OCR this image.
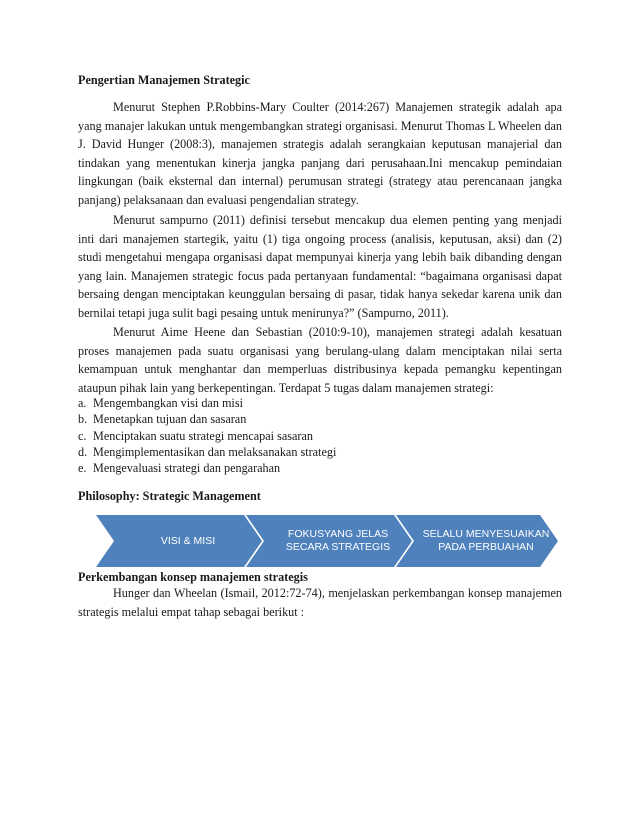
Pengertian Manajemen Strategic

Menurut Stephen P.Robbins-Mary Coulter (2014:267) Manajemen strategik adalah apa yang manajer lakukan untuk mengembangkan strategi organisasi. Menurut Thomas L Wheelen dan J. David Hunger (2008:3), manajemen strategis adalah serangkaian keputusan manajerial dan tindakan yang menentukan kinerja jangka panjang dari perusahaan.Ini mencakup pemindaian lingkungan (baik eksternal dan internal) perumusan strategi (strategy atau perencanaan jangka panjang) pelaksanaan dan evaluasi pengendalian strategy.

Menurut sampurno (2011) definisi tersebut mencakup dua elemen penting yang menjadi inti dari manajemen startegik, yaitu (1) tiga ongoing process (analisis, keputusan, aksi) dan (2) studi mengetahui mengapa organisasi dapat mempunyai kinerja yang lebih baik dibanding dengan yang lain. Manajemen strategic focus pada pertanyaan fundamental: “bagaimana organisasi dapat bersaing dengan menciptakan keunggulan bersaing di pasar, tidak hanya sekedar karena unik dan bernilai tetapi juga sulit bagi pesaing untuk menirunya?” (Sampurno, 2011).

Menurut Aime Heene dan Sebastian (2010:9-10), manajemen strategi adalah kesatuan proses manajemen pada suatu organisasi yang berulang-ulang dalam menciptakan nilai serta kemampuan untuk menghantar dan memperluas distribusinya kepada pemangku kepentingan ataupun pihak lain yang berkepentingan. Terdapat 5 tugas dalam manajemen strategi:

a. Mengembangkan visi dan misi
b. Menetapkan tujuan dan sasaran
c. Menciptakan suatu strategi mencapai sasaran
d. Mengimplementasikan dan melaksanakan strategi
e. Mengevaluasi strategi dan pengarahan
Philosophy: Strategic Management
VISI & MISI
FOKUSYANG JELAS
SECARA STRATEGIS
SELALU MENYESUAIKAN
PADA PERBUAHAN
Perkembangan konsep manajemen strategis

Hunger dan Wheelan (Ismail, 2012:72-74), menjelaskan perkembangan konsep manajemen strategis melalui empat tahap sebagai berikut :
